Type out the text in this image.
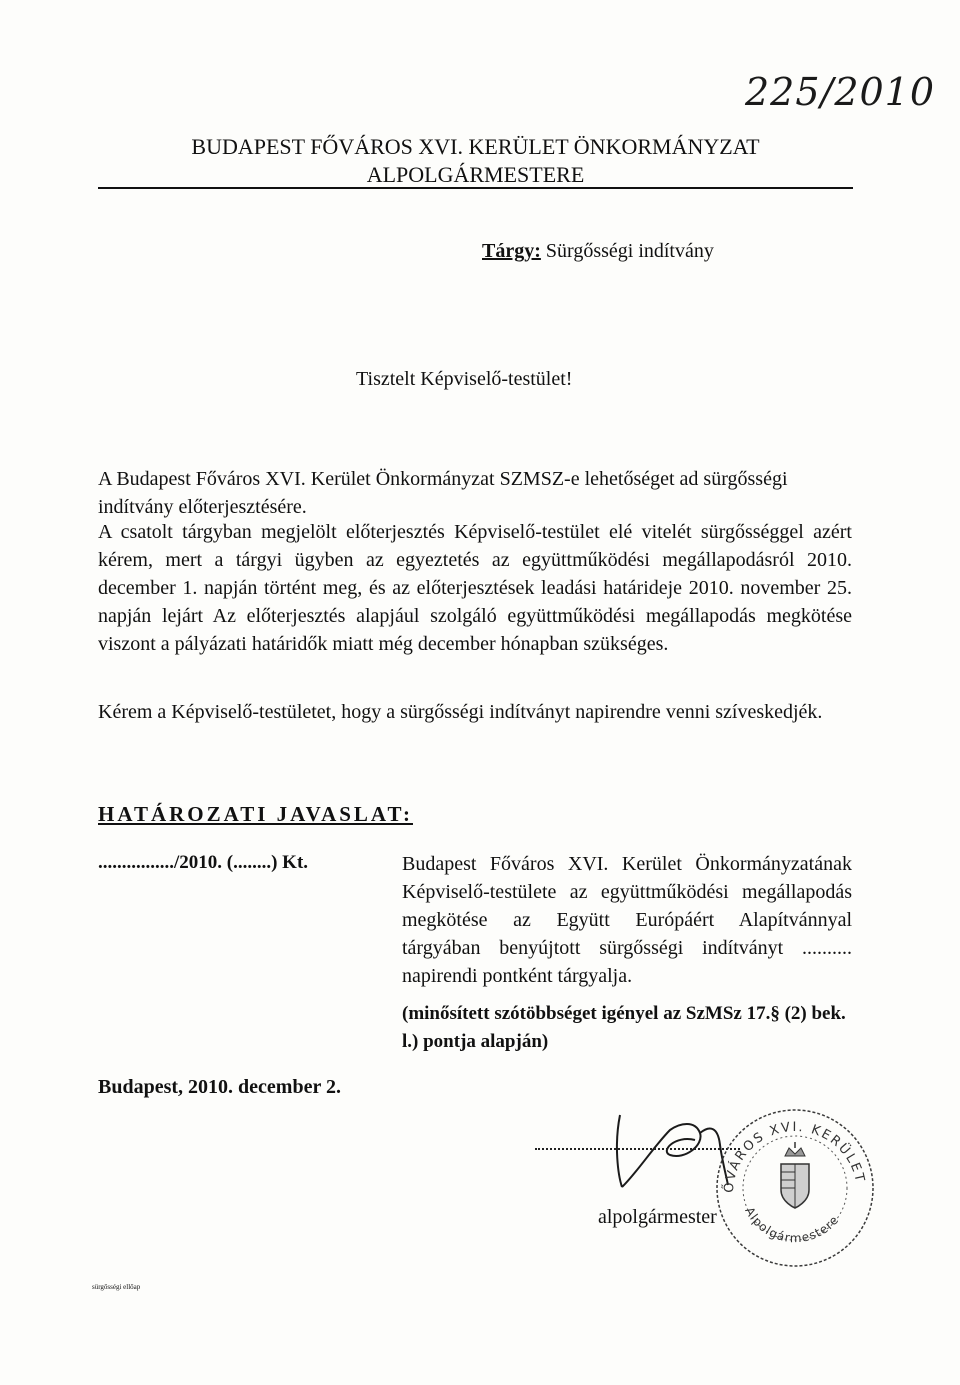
225/2010
BUDAPEST FŐVÁROS XVI. KERÜLET ÖNKORMÁNYZAT
ALPOLGÁRMESTERE
Tárgy: Sürgősségi indítvány
Tisztelt Képviselő-testület!

A Budapest Főváros XVI. Kerület Önkormányzat SZMSZ-e lehetőséget ad sürgősségi indítvány előterjesztésére.

A csatolt tárgyban megjelölt előterjesztés Képviselő-testület elé vitelét sürgősséggel azért kérem, mert a tárgyi ügyben az egyeztetés az együttműködési megállapodásról 2010. december 1. napján történt meg, és az előterjesztések leadási határideje 2010. november 25. napján lejárt Az előterjesztés alapjául szolgáló együttműködési megállapodás megkötése viszont a pályázati határidők miatt még december hónapban szükséges.

Kérem a Képviselő-testületet, hogy a sürgősségi indítványt napirendre venni szíveskedjék.

HATÁROZATI JAVASLAT:
................/2010. (........) Kt.	Budapest Főváros XVI. Kerület Önkormányzatának Képviselő-testülete az együttműködési megállapodás megkötése az Együtt Európáért Alapítvánnyal tárgyában benyújtott sürgősségi indítványt .......... napirendi pontként tárgyalja.

(minősített szótöbbséget igényel az SzMSz 17.§ (2) bek. l.) pontja alapján)

Budapest, 2010. december 2.
alpolgármester
ŐVÁROS XVI. KERÜLET
Alpolgármestere
sürgősségi ellőap
